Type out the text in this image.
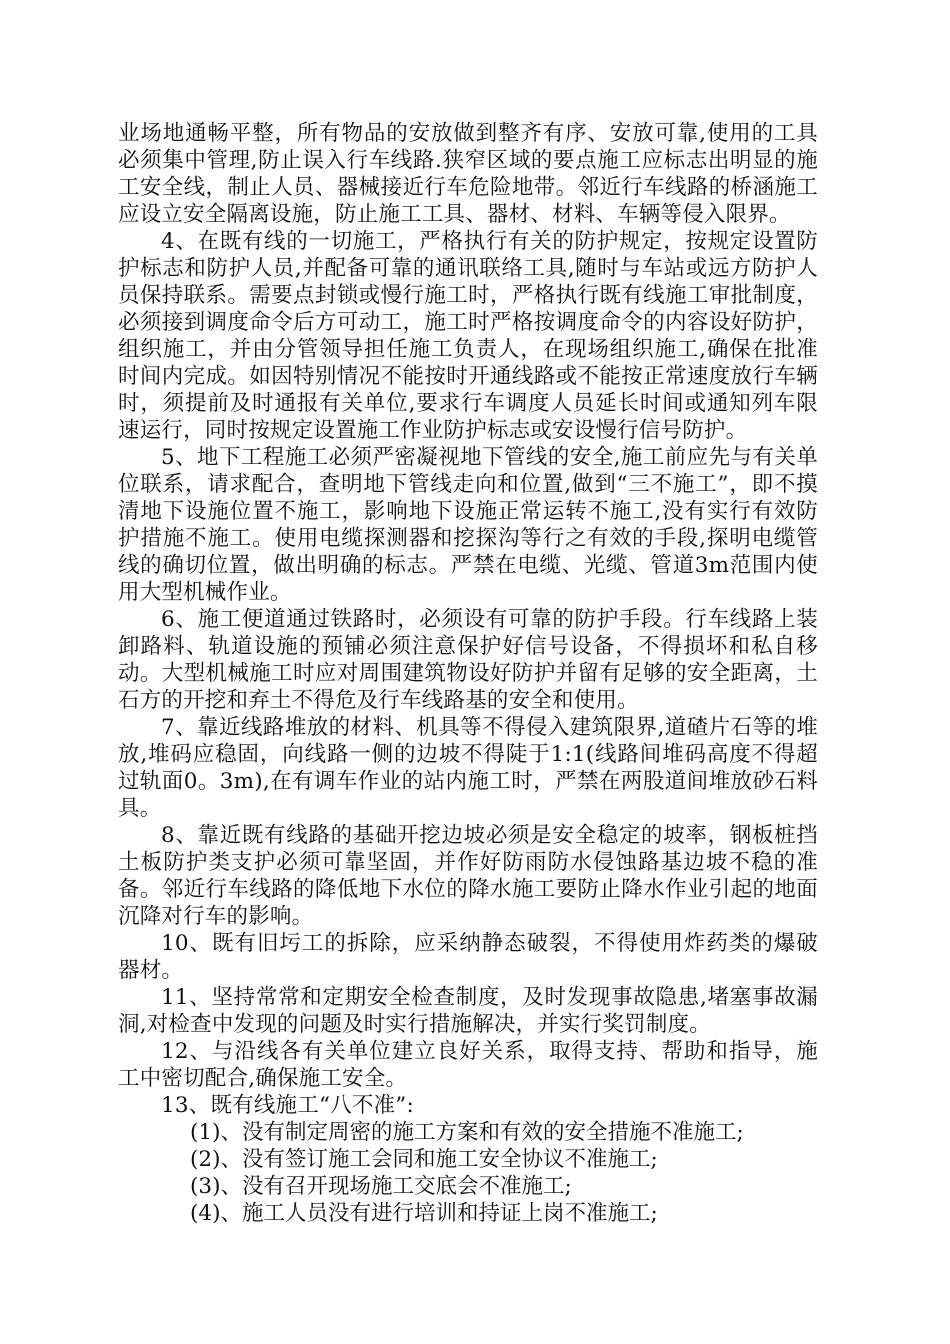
业场地通畅平整，所有物品的安放做到整齐有序、安放可靠,使用的工具必须集中管理,防止误入行车线路.狭窄区域的要点施工应标志出明显的施工安全线，制止人员、器械接近行车危险地带。邻近行车线路的桥涵施工应设立安全隔离设施，防止施工工具、器材、材料、车辆等侵入限界。

4、在既有线的一切施工，严格执行有关的防护规定，按规定设置防护标志和防护人员,并配备可靠的通讯联络工具,随时与车站或远方防护人员保持联系。需要点封锁或慢行施工时，严格执行既有线施工审批制度，必须接到调度命令后方可动工，施工时严格按调度命令的内容设好防护，组织施工，并由分管领导担任施工负责人，在现场组织施工,确保在批准时间内完成。如因特别情况不能按时开通线路或不能按正常速度放行车辆时，须提前及时通报有关单位,要求行车调度人员延长时间或通知列车限速运行，同时按规定设置施工作业防护标志或安设慢行信号防护。

5、地下工程施工必须严密凝视地下管线的安全,施工前应先与有关单位联系，请求配合，查明地下管线走向和位置,做到“三不施工”，即不摸清地下设施位置不施工，影响地下设施正常运转不施工,没有实行有效防护措施不施工。使用电缆探测器和挖探沟等行之有效的手段,探明电缆管线的确切位置，做出明确的标志。严禁在电缆、光缆、管道3m范围内使用大型机械作业。

6、施工便道通过铁路时，必须设有可靠的防护手段。行车线路上装卸路料、轨道设施的预铺必须注意保护好信号设备，不得损坏和私自移动。大型机械施工时应对周围建筑物设好防护并留有足够的安全距离，土石方的开挖和弃土不得危及行车线路基的安全和使用。

7、靠近线路堆放的材料、机具等不得侵入建筑限界,道碴片石等的堆放,堆码应稳固，向线路一侧的边坡不得陡于1:1(线路间堆码高度不得超过轨面0。3m),在有调车作业的站内施工时，严禁在两股道间堆放砂石料具。

8、靠近既有线路的基础开挖边坡必须是安全稳定的坡率，钢板桩挡土板防护类支护必须可靠坚固，并作好防雨防水侵蚀路基边坡不稳的准备。邻近行车线路的降低地下水位的降水施工要防止降水作业引起的地面沉降对行车的影响。

10、既有旧圬工的拆除，应采纳静态破裂，不得使用炸药类的爆破器材。

11、坚持常常和定期安全检查制度，及时发现事故隐患,堵塞事故漏洞,对检查中发现的问题及时实行措施解决，并实行奖罚制度。

12、与沿线各有关单位建立良好关系，取得支持、帮助和指导，施工中密切配合,确保施工安全。

13、既有线施工“八不准”:

(1)、没有制定周密的施工方案和有效的安全措施不准施工;

(2)、没有签订施工会同和施工安全协议不准施工;

(3)、没有召开现场施工交底会不准施工;

(4)、施工人员没有进行培训和持证上岗不准施工;
